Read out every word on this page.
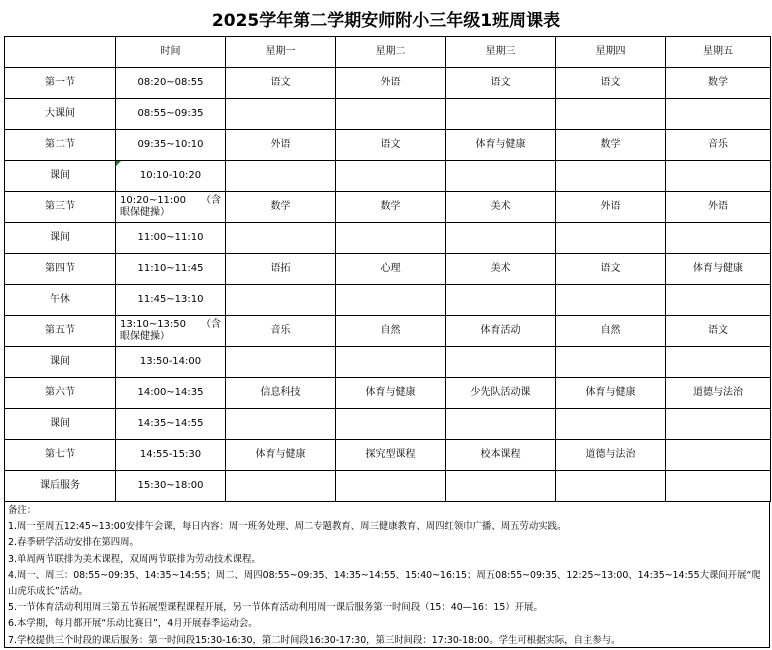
2025学年第二学期安师附小三年级1班周课表
	时间	星期一	星期二	星期三	星期四	星期五
第一节	08:20~08:55	语文	外语	语文	语文	数学
大课间	08:55~09:35					
第二节	09:35~10:10	外语	语文	体育与健康	数学	音乐
课间	10:10-10:20

第三节	10:20~11:00 （含
眼保健操）	数学	数学	美术	外语	外语
课间	11:00~11:10					
第四节	11:10~11:45	语拓	心理	美术	语文	体育与健康
午休	11:45~13:10					
第五节	13:10~13:50 （含
眼保健操）	音乐	自然	体育活动	自然	语文
课间	13:50-14:00					
第六节	14:00~14:35	信息科技	体育与健康	少先队活动课	体育与健康	道德与法治
课间	14:35~14:55					
第七节	14:55-15:30	体育与健康	探究型课程	校本课程	道德与法治	
课后服务	15:30~18:00					
备注：
1.周一至周五12:45~13:00安排午会课，每日内容：周一班务处理、周二专题教育、周三健康教育、周四红领巾广播、周五劳动实践。
2.春季研学活动安排在第四周。
3.单周两节联排为美术课程，双周两节联排为劳动技术课程。
4.周一、周三：08:55~09:35、14:35~14:55；周二、周四08:55~09:35、14:35~14:55、15:40~16:15；周五08:55~09:35、12:25~13:00、14:35~14:55大课间开展“爬山虎乐成长”活动。
5.一节体育活动利用周三第五节拓展型课程课程开展，另一节体育活动利用周一课后服务第一时间段（15：40—16：15）开展。
6.本学期，每月都开展“乐动比赛日”，4月开展春季运动会。
7.学校提供三个时段的课后服务：第一时间段15:30-16:30，第二时间段16:30-17:30，第三时间段：17:30-18:00。学生可根据实际，自主参与。
